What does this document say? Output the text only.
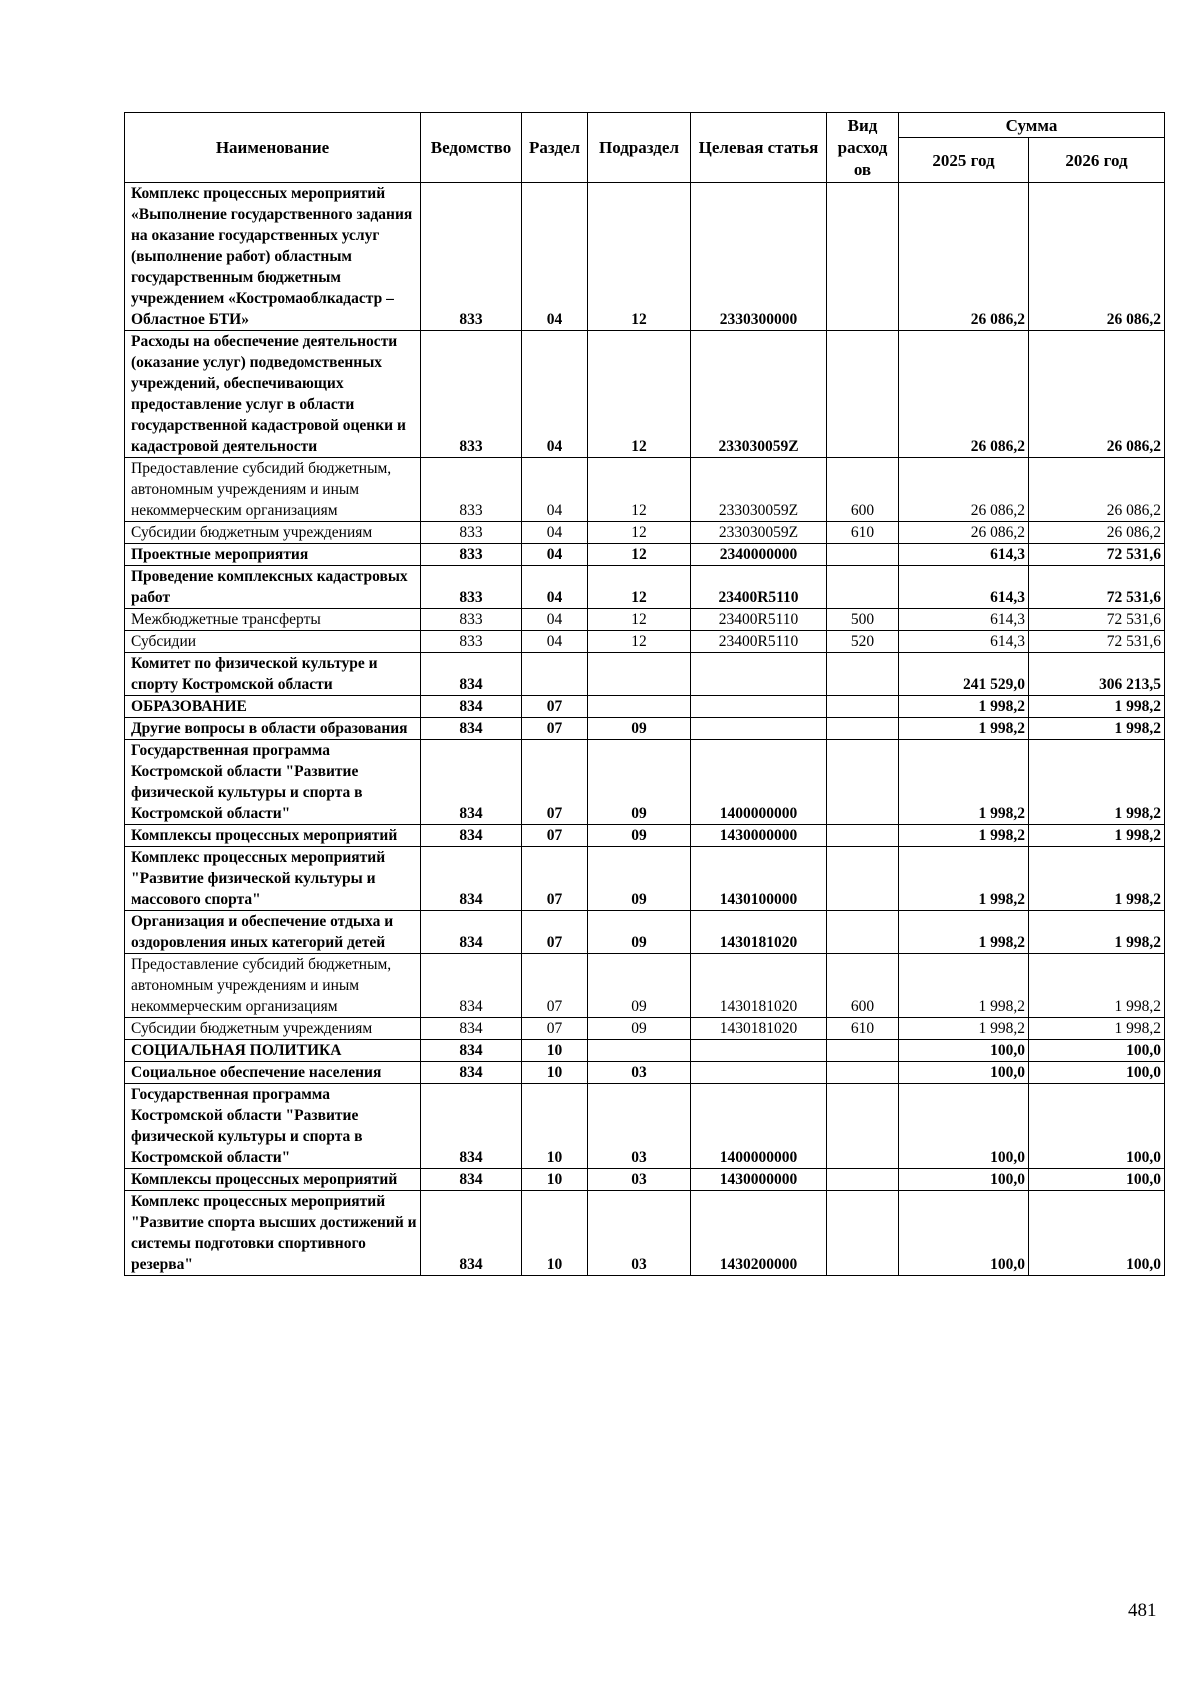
Наименование	Ведомство	Раздел	Подраздел	Целевая статья	Вид расход ов	Сумма	
						2025 год	2026 год
Комплекс процессных мероприятий «Выполнение государственного задания на оказание государственных услуг (выполнение работ) областным государственным бюджетным учреждением «Костромаоблкадастр – Областное БТИ»	833	04	12	2330300000		26 086,2	26 086,2
Расходы на обеспечение деятельности (оказание услуг) подведомственных учреждений, обеспечивающих предоставление услуг в области государственной кадастровой оценки и кадастровой деятельности	833	04	12	233030059Z		26 086,2	26 086,2
Предоставление субсидий бюджетным, автономным учреждениям и иным некоммерческим организациям	833	04	12	233030059Z	600	26 086,2	26 086,2
Субсидии бюджетным учреждениям	833	04	12	233030059Z	610	26 086,2	26 086,2
Проектные мероприятия	833	04	12	2340000000		614,3	72 531,6
Проведение комплексных кадастровых работ	833	04	12	23400R5110		614,3	72 531,6
Межбюджетные трансферты	833	04	12	23400R5110	500	614,3	72 531,6
Субсидии	833	04	12	23400R5110	520	614,3	72 531,6
Комитет по физической культуре и спорту Костромской области	834					241 529,0	306 213,5
ОБРАЗОВАНИЕ	834	07				1 998,2	1 998,2
Другие вопросы в области образования	834	07	09			1 998,2	1 998,2
Государственная программа Костромской области "Развитие физической культуры и спорта в Костромской области"	834	07	09	1400000000		1 998,2	1 998,2
Комплексы процессных мероприятий	834	07	09	1430000000		1 998,2	1 998,2
Комплекс процессных мероприятий "Развитие физической культуры и массового спорта"	834	07	09	1430100000		1 998,2	1 998,2
Организация и обеспечение отдыха и оздоровления иных категорий детей	834	07	09	1430181020		1 998,2	1 998,2
Предоставление субсидий бюджетным, автономным учреждениям и иным некоммерческим организациям	834	07	09	1430181020	600	1 998,2	1 998,2
Субсидии бюджетным учреждениям	834	07	09	1430181020	610	1 998,2	1 998,2
СОЦИАЛЬНАЯ ПОЛИТИКА	834	10				100,0	100,0
Социальное обеспечение населения	834	10	03			100,0	100,0
Государственная программа Костромской области "Развитие физической культуры и спорта в Костромской области"	834	10	03	1400000000		100,0	100,0
Комплексы процессных мероприятий	834	10	03	1430000000		100,0	100,0
Комплекс процессных мероприятий "Развитие спорта высших достижений и системы подготовки спортивного резерва"	834	10	03	1430200000		100,0	100,0
481
